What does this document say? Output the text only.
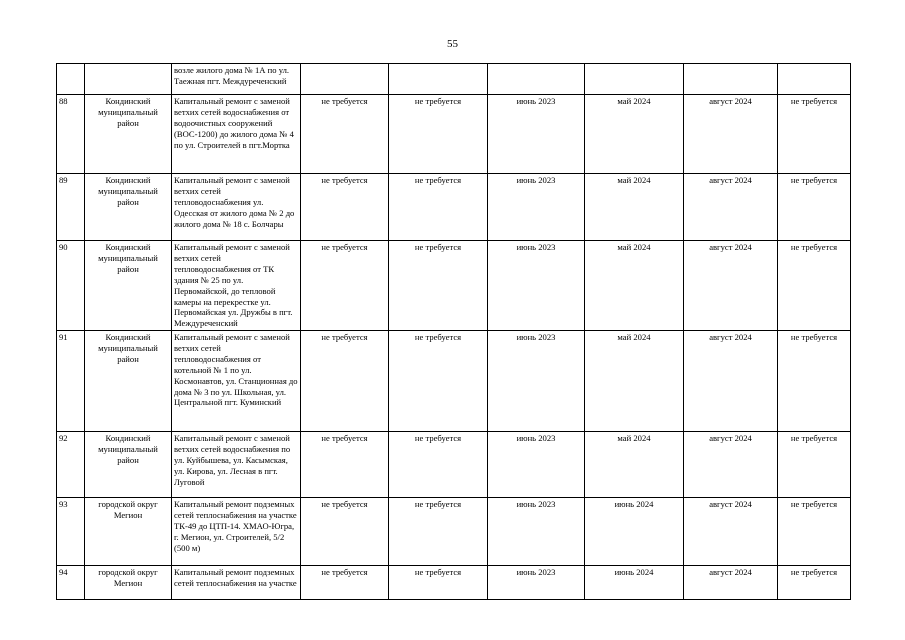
55
		возле жилого дома № 1А по ул. Таежная пгт. Междуреченский						
88	Кондинский муниципальный район	Капитальный ремонт с заменой ветхих сетей водоснабжения от водоочистных сооружений (ВОС-1200) до жилого дома № 4 по ул. Строителей в пгт.Мортка	не требуется	не требуется	июнь 2023	май 2024	август 2024	не требуется
89	Кондинский муниципальный район	Капитальный ремонт с заменой ветхих сетей тепловодоснабжения ул. Одесская от жилого дома № 2 до жилого дома № 18 с. Болчары	не требуется	не требуется	июнь 2023	май 2024	август 2024	не требуется
90	Кондинский муниципальный район	Капитальный ремонт с заменой ветхих сетей тепловодоснабжения от ТК здания № 25 по ул. Первомайской, до тепловой камеры на перекрестке ул. Первомайская ул. Дружбы в пгт. Междуреченский	не требуется	не требуется	июнь 2023	май 2024	август 2024	не требуется
91	Кондинский муниципальный район	Капитальный ремонт с заменой ветхих сетей тепловодоснабжения от котельной № 1 по ул. Космонавтов, ул. Станционная до дома № 3 по ул. Школьная, ул. Центральной пгт. Куминский	не требуется	не требуется	июнь 2023	май 2024	август 2024	не требуется
92	Кондинский муниципальный район	Капитальный ремонт с заменой ветхих сетей водоснабжения по ул. Куйбышева, ул. Касымская, ул. Кирова, ул. Лесная в пгт. Луговой	не требуется	не требуется	июнь 2023	май 2024	август 2024	не требуется
93	городской округ Мегион	Капитальный ремонт подземных сетей теплоснабжения на участке ТК-49 до ЦТП-14. ХМАО-Югра, г. Мегион, ул. Строителей, 5/2 (500 м)	не требуется	не требуется	июнь 2023	июнь 2024	август 2024	не требуется
94	городской округ Мегион	Капитальный ремонт подземных сетей теплоснабжения на участке	не требуется	не требуется	июнь 2023	июнь 2024	август 2024	не требуется
